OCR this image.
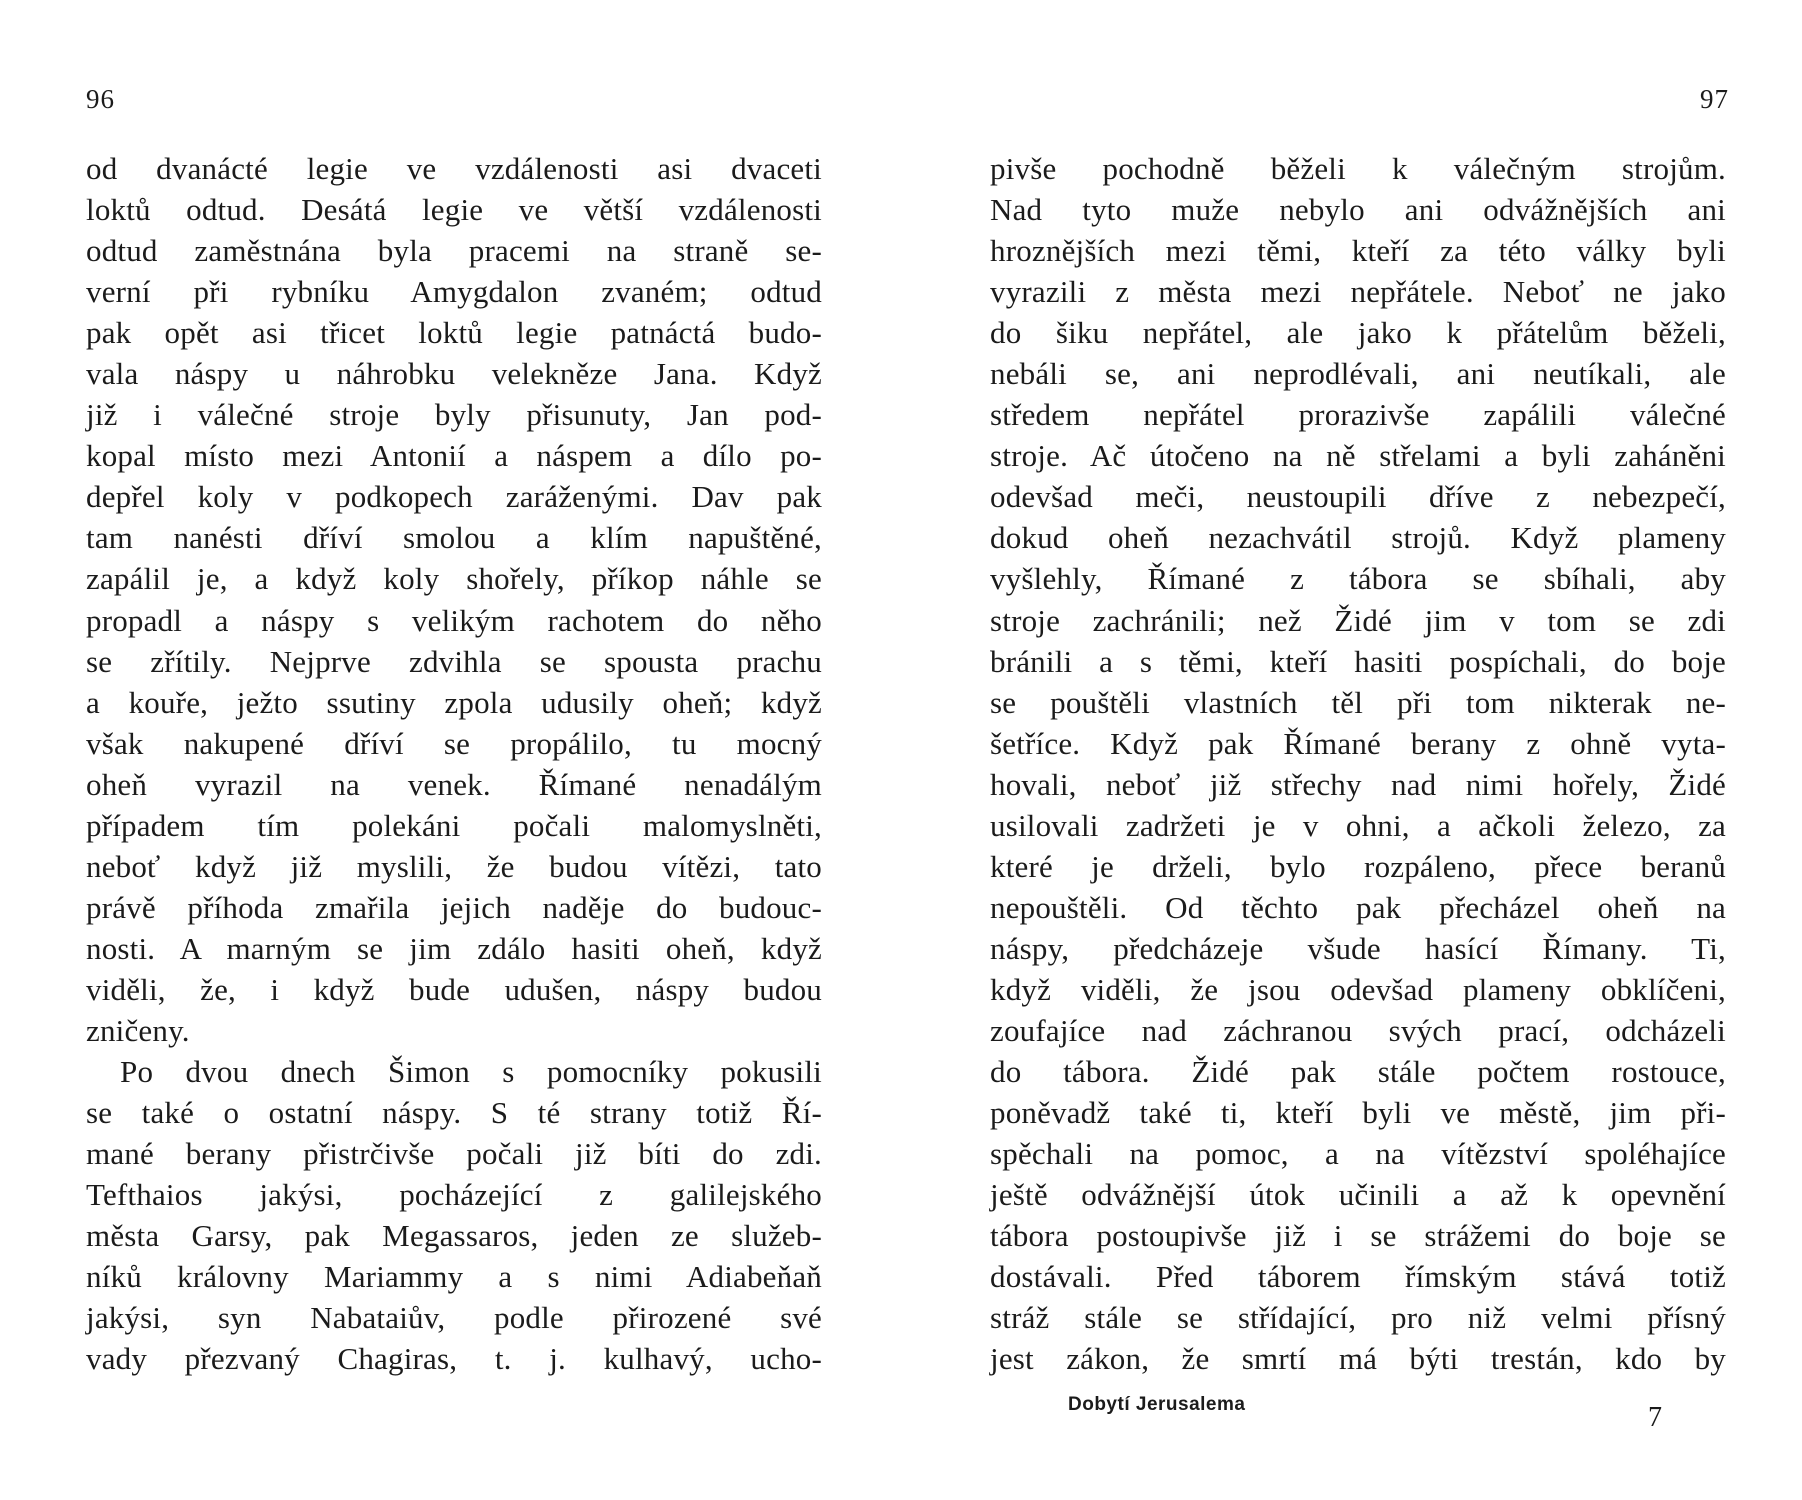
96
od dvanácté legie ve vzdálenosti asi dvaceti
loktů odtud. Desátá legie ve větší vzdálenosti
odtud zaměstnána byla pracemi na straně se-
verní při rybníku Amygdalon zvaném; odtud
pak opět asi třicet loktů legie patnáctá budo-
vala náspy u náhrobku velekněze Jana. Když
již i válečné stroje byly přisunuty, Jan pod-
kopal místo mezi Antonií a náspem a dílo po-
depřel koly v podkopech zaráženými. Dav pak
tam nanésti dříví smolou a klím napuštěné,
zapálil je, a když koly shořely, příkop náhle se
propadl a náspy s velikým rachotem do něho
se zřítily. Nejprve zdvihla se spousta prachu
a kouře, ježto ssutiny zpola udusily oheň; když
však nakupené dříví se propálilo, tu mocný
oheň vyrazil na venek. Římané nenadálým
případem tím polekáni počali malomyslněti,
neboť když již myslili, že budou vítězi, tato
právě příhoda zmařila jejich naděje do budouc-
nosti. A marným se jim zdálo hasiti oheň, když
viděli, že, i když bude udušen, náspy budou
zničeny.
Po dvou dnech Šimon s pomocníky pokusili
se také o ostatní náspy. S té strany totiž Ří-
mané berany přistrčivše počali již bíti do zdi.
Tefthaios jakýsi, pocházející z galilejského
města Garsy, pak Megassaros, jeden ze služeb-
níků královny Mariammy a s nimi Adiabeňaň
jakýsi, syn Nabataiův, podle přirozené své
vady přezvaný Chagiras, t. j. kulhavý, ucho-
97
pivše pochodně běželi k válečným strojům.
Nad tyto muže nebylo ani odvážnějších ani
hroznějších mezi těmi, kteří za této války byli
vyrazili z města mezi nepřátele. Neboť ne jako
do šiku nepřátel, ale jako k přátelům běželi,
nebáli se, ani neprodlévali, ani neutíkali, ale
středem nepřátel prorazivše zapálili válečné
stroje. Ač útočeno na ně střelami a byli zaháněni
odevšad meči, neustoupili dříve z nebezpečí,
dokud oheň nezachvátil strojů. Když plameny
vyšlehly, Římané z tábora se sbíhali, aby
stroje zachránili; než Židé jim v tom se zdi
bránili a s těmi, kteří hasiti pospíchali, do boje
se pouštěli vlastních těl při tom nikterak ne-
šetříce. Když pak Římané berany z ohně vyta-
hovali, neboť již střechy nad nimi hořely, Židé
usilovali zadržeti je v ohni, a ačkoli železo, za
které je drželi, bylo rozpáleno, přece beranů
nepouštěli. Od těchto pak přecházel oheň na
náspy, předcházeje všude hasící Římany. Ti,
když viděli, že jsou odevšad plameny obklíčeni,
zoufajíce nad záchranou svých prací, odcházeli
do tábora. Židé pak stále počtem rostouce,
poněvadž také ti, kteří byli ve městě, jim při-
spěchali na pomoc, a na vítězství spoléhajíce
ještě odvážnější útok učinili a až k opevnění
tábora postoupivše již i se strážemi do boje se
dostávali. Před táborem římským stává totiž
stráž stále se střídající, pro niž velmi přísný
jest zákon, že smrtí má býti trestán, kdo by
Dobytí Jerusalema	7
